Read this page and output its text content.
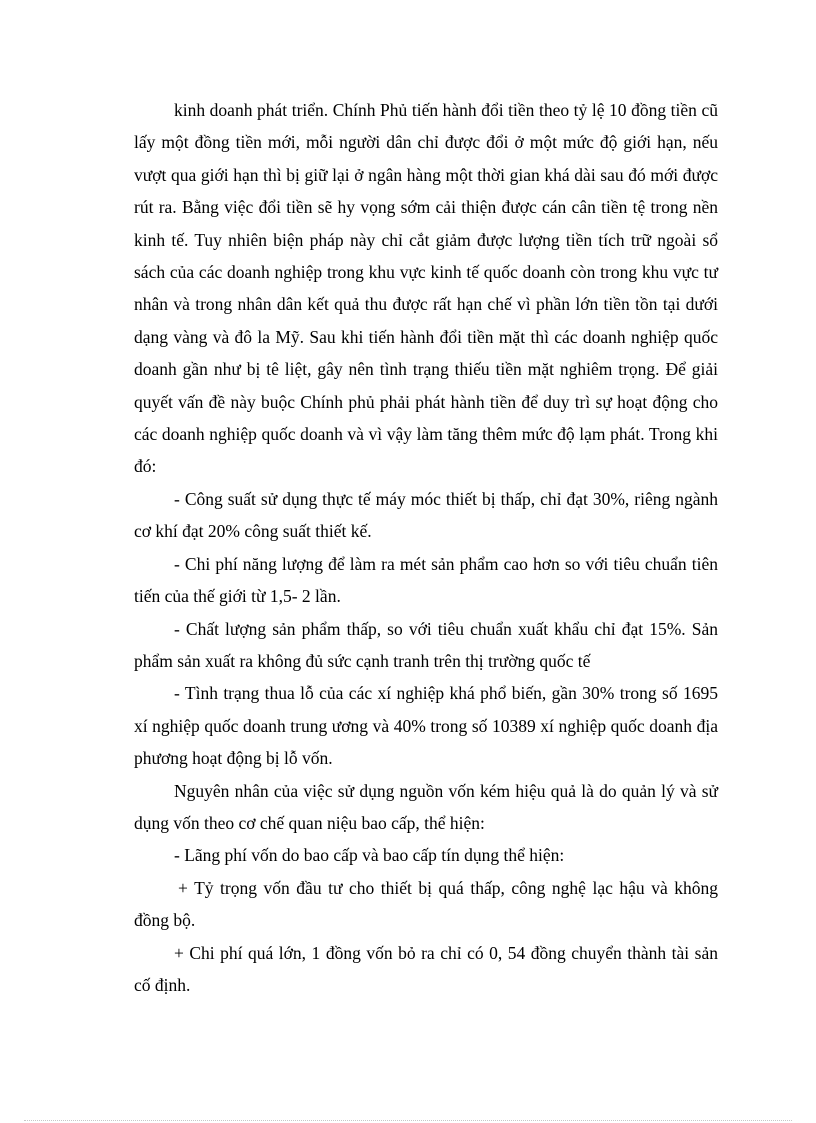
kinh doanh phát triển. Chính Phủ tiến hành đổi tiền theo tỷ lệ 10 đồng tiền cũ lấy một đồng tiền mới, mỗi người dân chỉ được đổi ở một mức độ giới hạn, nếu vượt qua giới hạn thì bị giữ lại ở ngân hàng một thời gian khá dài sau đó mới được rút ra. Bằng việc đổi tiền sẽ hy vọng sớm cải thiện được cán cân tiền tệ trong nền kinh tế. Tuy nhiên biện pháp này chỉ cắt giảm được lượng tiền tích trữ ngoài sổ sách của các doanh nghiệp trong khu vực kinh tế quốc doanh còn trong khu vực tư nhân và trong nhân dân kết quả thu được rất hạn chế vì phần lớn tiền tồn tại dưới dạng vàng và đô la Mỹ. Sau khi tiến hành đổi tiền mặt thì các doanh nghiệp quốc doanh gần như bị tê liệt, gây nên tình trạng thiếu tiền mặt nghiêm trọng. Để giải quyết vấn đề này buộc Chính phủ phải phát hành tiền để duy trì sự hoạt động cho các doanh nghiệp quốc doanh và vì vậy làm tăng thêm mức độ lạm phát. Trong khi đó:

- Công suất sử dụng thực tế máy móc thiết bị thấp, chỉ đạt 30%, riêng ngành cơ khí đạt 20% công suất thiết kế.

- Chi phí năng lượng để làm ra mét sản phẩm cao hơn so với tiêu chuẩn tiên tiến của thế giới từ 1,5- 2 lần.

- Chất lượng sản phẩm thấp, so với tiêu chuẩn xuất khẩu chỉ đạt 15%. Sản phẩm sản xuất ra không đủ sức cạnh tranh trên thị trường quốc tế

- Tình trạng thua lỗ của các xí nghiệp khá phổ biến, gần 30% trong số 1695 xí nghiệp quốc doanh trung ương và 40% trong số 10389 xí nghiệp quốc doanh địa phương hoạt động bị lỗ vốn.

Nguyên nhân của việc sử dụng nguồn vốn kém hiệu quả là do quản lý và sử dụng vốn theo cơ chế quan niệu bao cấp, thể hiện:

- Lãng phí vốn do bao cấp và bao cấp tín dụng thể hiện:

+ Tỷ trọng vốn đầu tư cho thiết bị quá thấp, công nghệ lạc hậu và không đồng bộ.

+ Chi phí quá lớn, 1 đồng vốn bỏ ra chỉ có 0, 54 đồng chuyển thành tài sản cố định.
